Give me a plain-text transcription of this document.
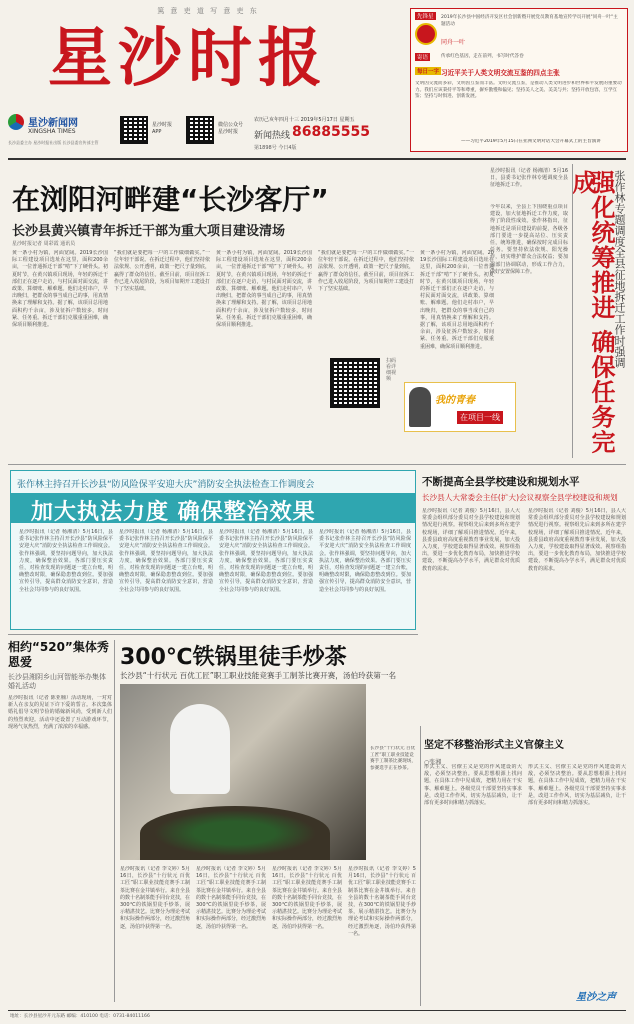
篤 意 吏 道 写 意 吏 东
星沙时报
星沙新闻网
XINGSHA TIMES
长沙县委主办 星沙时报社出版 长沙县委宣传部主管
星沙时报APP
微信公众号 星沙时报
农历己亥年四月十三 2019年5月17日 星期五
新闻热线 86885555
第1898号 今日4版
先锋星	2019年长沙县中国经济开发区社会创新暨开展党员教育基地宣传学员开展"同舟一叶"主题活动
同舟一叶
寄语	传承红色基因，走在前列，书写时代答卷
每日一字 习近平关于人类文明交流互鉴的四点主张
文明因交流而多彩，文明因互鉴而丰富。文明交流互鉴，是推动人类文明进步和世界和平发展的重要动力。我们应该秉持平等和尊重，摒弃傲慢和偏见；坚持美人之美、美美与共；坚持开放包容，互学互鉴；坚持与时俱进、创新发展。
——习近平2019年5月15日在亚洲文明对话大会开幕式上的主旨演讲
在浏阳河畔建“长沙客厅”
长沙县黄兴镇青年拆迁干部为重大项目建设清场
星沙时报记者 周彩霞 通讯员
黄一条小村为镇，河面宽阔。2019长沙国际工程建设项目选址在这里，面积200余亩，一位普通拆迁干部“啃”下了硬骨头。初夏时节，在黄兴镇项目现场，年轻的拆迁干部们正在逐户走访，与村民面对面交流，讲政策、算细账、解难题。他们走村串户，早出晚归，把群众的事当成自己的事，用真情换来了理解和支持。据了解，该项目总用地面积约千余亩，涉及征拆户数较多，时间紧、任务重。拆迁干部们克服重重困难，确保项目顺利推进。
“我们就是要把每一户的工作做细做实。”一位年轻干部说。在拆迁过程中，他们坚持依法依规、公开透明，政策一把尺子量到底，赢得了群众的信任。截至目前，项目征拆工作已进入收尾阶段，为项目如期开工建设打下了坚实基础。
黄一条小村为镇，河面宽阔。2019长沙国际工程建设项目选址在这里，面积200余亩，一位普通拆迁干部“啃”下了硬骨头。初夏时节，在黄兴镇项目现场，年轻的拆迁干部们正在逐户走访，与村民面对面交流，讲政策、算细账、解难题。他们走村串户，早出晚归，把群众的事当成自己的事，用真情换来了理解和支持。据了解，该项目总用地面积约千余亩，涉及征拆户数较多，时间紧、任务重。拆迁干部们克服重重困难，确保项目顺利推进。
“我们就是要把每一户的工作做细做实。”一位年轻干部说。在拆迁过程中，他们坚持依法依规、公开透明，政策一把尺子量到底，赢得了群众的信任。截至目前，项目征拆工作已进入收尾阶段，为项目如期开工建设打下了坚实基础。
黄一条小村为镇，河面宽阔。2019长沙国际工程建设项目选址在这里，面积200余亩，一位普通拆迁干部“啃”下了硬骨头。初夏时节，在黄兴镇项目现场，年轻的拆迁干部们正在逐户走访，与村民面对面交流，讲政策、算细账、解难题。他们走村串户，早出晚归，把群众的事当成自己的事，用真情换来了理解和支持。据了解，该项目总用地面积约千余亩，涉及征拆户数较多，时间紧、任务重。拆迁干部们克服重重困难，确保项目顺利推进。
扫码看详细视频
我的青春
在项目一线
张作林专题调度全县征地拆迁工作时强调
强化统筹推进 确保任务完成
星沙时报讯（记者 杨湘清）5月16日，县委书记张作林专题调度全县征地拆迁工作。
今年以来，全县上下围绕重点项目建设，加大征地拆迁工作力度，取得了阶段性成效。张作林指出，征地拆迁是项目建设的前提，各级各部门要进一步提高站位、压实责任，统筹推进，确保按时完成目标任务。要坚持依法依规、阳光操作，切实维护群众合法权益；要加强部门协调联动，形成工作合力，做好安置保障工作。
张作林主持召开长沙县“防风险保平安迎大庆”消防安全执法检查工作调度会
加大执法力度 确保整治效果
星沙时报讯（记者 杨湘清）5月16日，县委书记张作林主持召开长沙县“防风险保平安迎大庆”消防安全执法检查工作调度会。张作林强调，要坚持问题导向，加大执法力度，确保整治效果。各部门要压实责任，对检查发现的问题逐一建立台账，明确整改时限，确保隐患整改到位。要加强宣传引导，提高群众消防安全意识，营造全社会共同参与的良好氛围。
星沙时报讯（记者 杨湘清）5月16日，县委书记张作林主持召开长沙县“防风险保平安迎大庆”消防安全执法检查工作调度会。张作林强调，要坚持问题导向，加大执法力度，确保整治效果。各部门要压实责任，对检查发现的问题逐一建立台账，明确整改时限，确保隐患整改到位。要加强宣传引导，提高群众消防安全意识，营造全社会共同参与的良好氛围。
星沙时报讯（记者 杨湘清）5月16日，县委书记张作林主持召开长沙县“防风险保平安迎大庆”消防安全执法检查工作调度会。张作林强调，要坚持问题导向，加大执法力度，确保整治效果。各部门要压实责任，对检查发现的问题逐一建立台账，明确整改时限，确保隐患整改到位。要加强宣传引导，提高群众消防安全意识，营造全社会共同参与的良好氛围。
星沙时报讯（记者 杨湘清）5月16日，县委书记张作林主持召开长沙县“防风险保平安迎大庆”消防安全执法检查工作调度会。张作林强调，要坚持问题导向，加大执法力度，确保整治效果。各部门要压实责任，对检查发现的问题逐一建立台账，明确整改时限，确保隐患整改到位。要加强宣传引导，提高群众消防安全意识，营造全社会共同参与的良好氛围。
不断提高全县学校建设和规划水平
长沙县人大常委会主任(扩大)会议视察全县学校建设和规划
星沙时报讯（记者 刘俊）5月16日，县人大常委会组织部分委员对全县学校建设和规划情况进行视察。视察组先后来到多所在建学校现场，详细了解项目推进情况。近年来，县委县政府高度重视教育事业发展，加大投入力度，学校建设取得显著成效。视察组指出，要进一步优化教育布局，加快推进学校建设，不断提高办学水平，满足群众对优质教育的需求。
星沙时报讯（记者 刘俊）5月16日，县人大常委会组织部分委员对全县学校建设和规划情况进行视察。视察组先后来到多所在建学校现场，详细了解项目推进情况。近年来，县委县政府高度重视教育事业发展，加大投入力度，学校建设取得显著成效。视察组指出，要进一步优化教育布局，加快推进学校建设，不断提高办学水平，满足群众对优质教育的需求。
相约“520”集体秀恩爱
长沙县湘阴乡山河智能举办集体婚礼活动
星沙时报讯（记者 陈亚楠）活动现场，一对对新人在亲友的见证下许下爱的誓言。本次集体婚礼倡导文明节俭的婚嫁新风尚，受到新人们的热烈欢迎。活动中还设置了互动游戏环节，现场气氛热烈，充满了浓浓的幸福感。
300℃铁锅里徒手炒茶
长沙县“十行状元 百优工匠”职工职业技能竞赛手工制茶比赛开赛，汤伯玲获第一名
长沙县“十行状元 百优工匠”职工职业技能竞赛手工制茶比赛现场，参赛选手正在炒茶。
星沙时报讯（记者 李文婷）5月16日，长沙县“十行状元 百优工匠”职工职业技能竞赛手工制茶比赛在金井镇举行。来自全县的数十名制茶能手同台竞技，在300℃的铁锅里徒手炒茶，展示精湛技艺。比赛分为理论考试和实际操作两部分，经过激烈角逐，汤伯玲获得第一名。
星沙时报讯（记者 李文婷）5月16日，长沙县“十行状元 百优工匠”职工职业技能竞赛手工制茶比赛在金井镇举行。来自全县的数十名制茶能手同台竞技，在300℃的铁锅里徒手炒茶，展示精湛技艺。比赛分为理论考试和实际操作两部分，经过激烈角逐，汤伯玲获得第一名。
星沙时报讯（记者 李文婷）5月16日，长沙县“十行状元 百优工匠”职工职业技能竞赛手工制茶比赛在金井镇举行。来自全县的数十名制茶能手同台竞技，在300℃的铁锅里徒手炒茶，展示精湛技艺。比赛分为理论考试和实际操作两部分，经过激烈角逐，汤伯玲获得第一名。
星沙时报讯（记者 李文婷）5月16日，长沙县“十行状元 百优工匠”职工职业技能竞赛手工制茶比赛在金井镇举行。来自全县的数十名制茶能手同台竞技，在300℃的铁锅里徒手炒茶，展示精湛技艺。比赛分为理论考试和实际操作两部分，经过激烈角逐，汤伯玲获得第一名。
坚定不移整治形式主义官僚主义
○张湘
形式主义、官僚主义是党的作风建设的大敌，必须坚决整治。要从思想根源上找问题，在具体工作中见成效，把精力用在干实事、解难题上。各级党员干部要坚持实事求是，改进工作作风，切实为基层减负，让干部有更多时间和精力抓落实。
形式主义、官僚主义是党的作风建设的大敌，必须坚决整治。要从思想根源上找问题，在具体工作中见成效，把精力用在干实事、解难题上。各级党员干部要坚持实事求是，改进工作作风，切实为基层减负，让干部有更多时间和精力抓落实。
地址：长沙县星沙开元东路 邮编：410100 电话：0731-84011166
星沙之声
